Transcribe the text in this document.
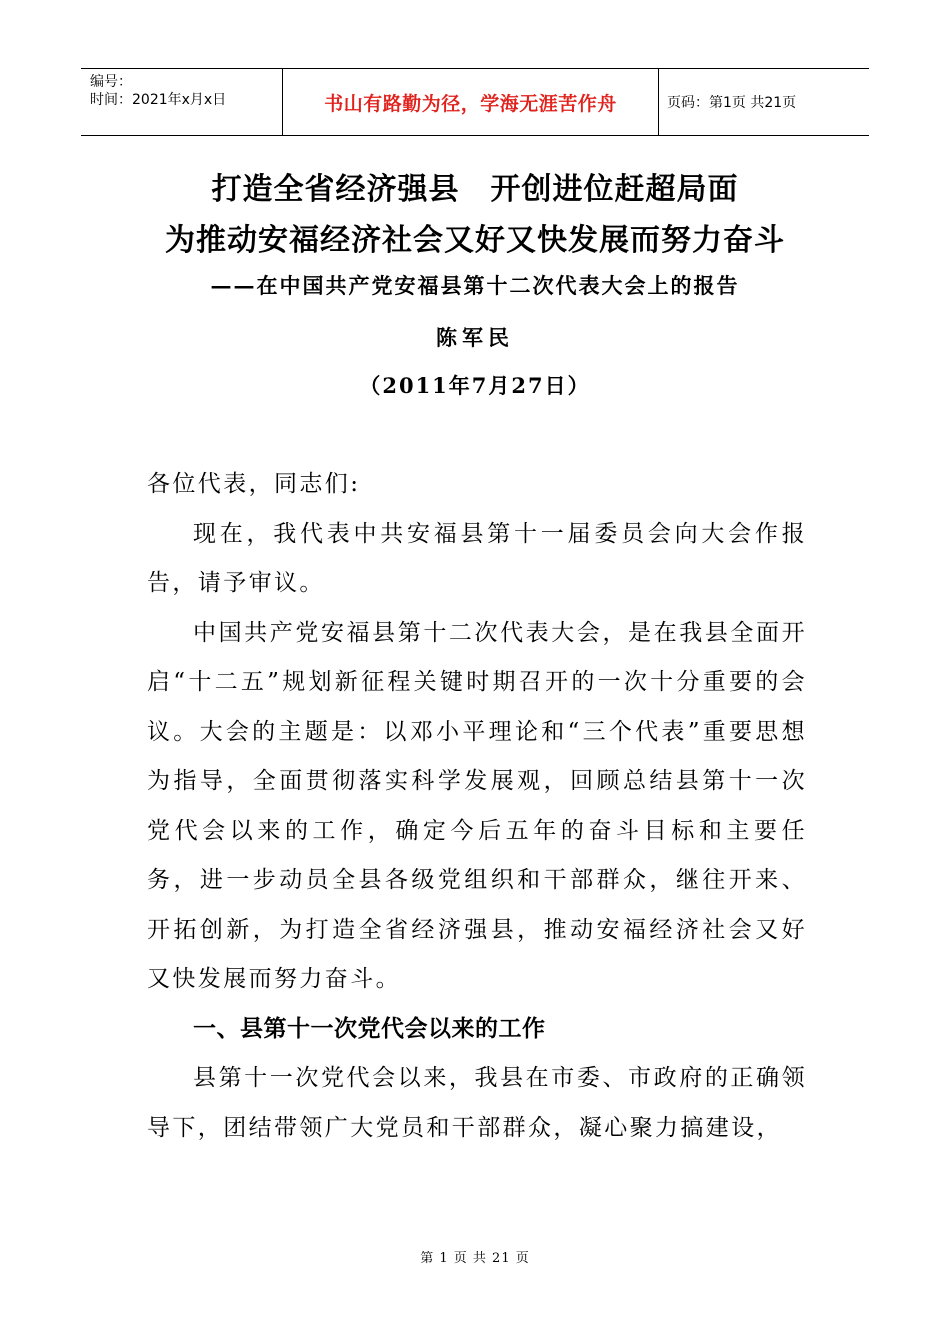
编号：
时间：2021年x月x日	书山有路勤为径，学海无涯苦作舟	页码：第1页 共21页
打造全省经济强县　开创进位赶超局面
为推动安福经济社会又好又快发展而努力奋斗
——在中国共产党安福县第十二次代表大会上的报告
陈军民
（2011年7月27日）

各位代表，同志们:

现在，我代表中共安福县第十一届委员会向大会作报告，请予审议。

中国共产党安福县第十二次代表大会，是在我县全面开启“十二五”规划新征程关键时期召开的一次十分重要的会议。大会的主题是：以邓小平理论和“三个代表”重要思想为指导，全面贯彻落实科学发展观，回顾总结县第十一次党代会以来的工作，确定今后五年的奋斗目标和主要任务，进一步动员全县各级党组织和干部群众，继往开来、开拓创新，为打造全省经济强县，推动安福经济社会又好又快发展而努力奋斗。

一、县第十一次党代会以来的工作

县第十一次党代会以来，我县在市委、市政府的正确领导下，团结带领广大党员和干部群众，凝心聚力搞建设，

第 1 页 共 21 页
